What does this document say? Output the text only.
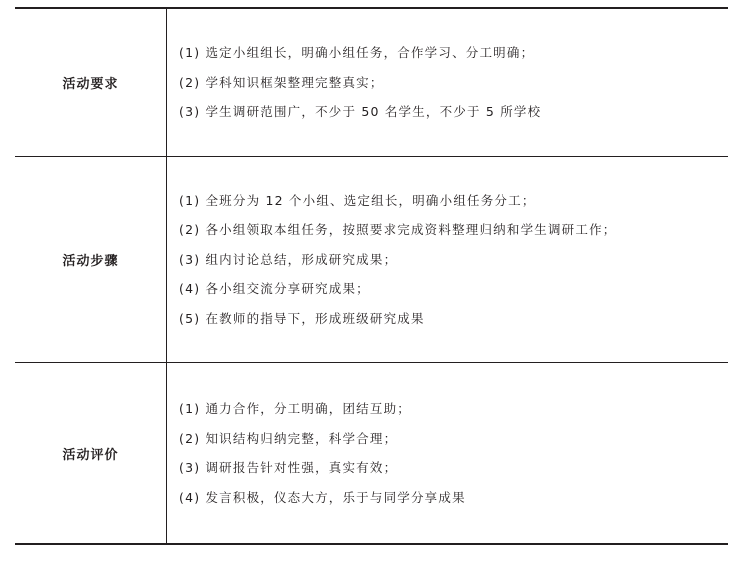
活动要求
(1) 选定小组组长，明确小组任务，合作学习、分工明确；
(2) 学科知识框架整理完整真实；
(3) 学生调研范围广，不少于 50 名学生，不少于 5 所学校
活动步骤
(1) 全班分为 12 个小组、选定组长，明确小组任务分工；
(2) 各小组领取本组任务，按照要求完成资料整理归纳和学生调研工作；
(3) 组内讨论总结，形成研究成果；
(4) 各小组交流分享研究成果；
(5) 在教师的指导下，形成班级研究成果
活动评价
(1) 通力合作，分工明确，团结互助；
(2) 知识结构归纳完整，科学合理；
(3) 调研报告针对性强，真实有效；
(4) 发言积极，仪态大方，乐于与同学分享成果
